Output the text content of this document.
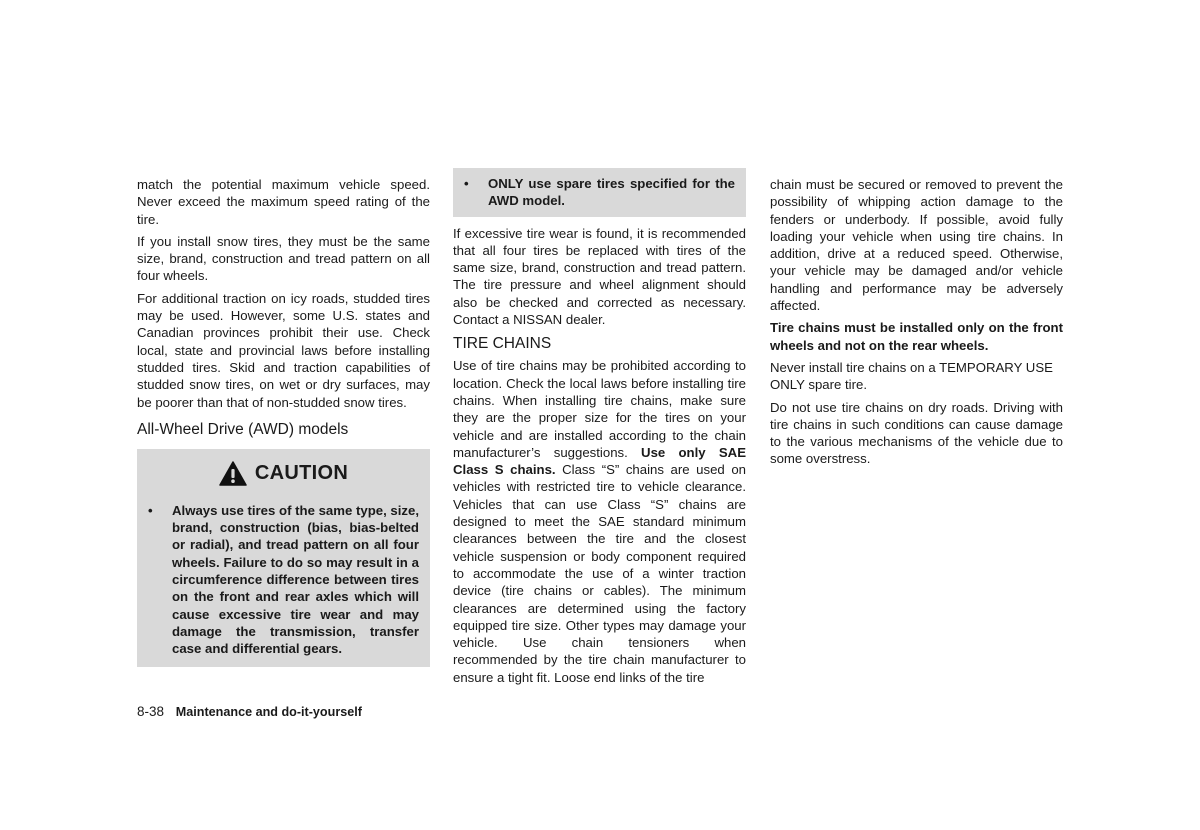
match the potential maximum vehicle speed. Never exceed the maximum speed rating of the tire.

If you install snow tires, they must be the same size, brand, construction and tread pattern on all four wheels.

For additional traction on icy roads, studded tires may be used. However, some U.S. states and Canadian provinces prohibit their use. Check local, state and provincial laws before installing studded tires. Skid and traction capabilities of studded snow tires, on wet or dry surfaces, may be poorer than that of non-studded snow tires.

All-Wheel Drive (AWD) models
CAUTION
•	Always use tires of the same type, size, brand, construction (bias, bias-belted or radial), and tread pattern on all four wheels. Failure to do so may result in a circumference difference between tires on the front and rear axles which will cause excessive tire wear and may damage the transmission, transfer case and differential gears.
•	ONLY use spare tires specified for the AWD model.

If excessive tire wear is found, it is recommended that all four tires be replaced with tires of the same size, brand, construction and tread pattern. The tire pressure and wheel alignment should also be checked and corrected as necessary. Contact a NISSAN dealer.

TIRE CHAINS

Use of tire chains may be prohibited according to location. Check the local laws before installing tire chains. When installing tire chains, make sure they are the proper size for the tires on your vehicle and are installed according to the chain manufacturer’s suggestions. Use only SAE Class S chains. Class “S” chains are used on vehicles with restricted tire to vehicle clearance. Vehicles that can use Class “S” chains are designed to meet the SAE standard minimum clearances between the tire and the closest vehicle suspension or body component required to accommodate the use of a winter traction device (tire chains or cables). The minimum clearances are determined using the factory equipped tire size. Other types may damage your vehicle. Use chain tensioners when recommended by the tire chain manufacturer to ensure a tight fit. Loose end links of the tire

chain must be secured or removed to prevent the possibility of whipping action damage to the fenders or underbody. If possible, avoid fully loading your vehicle when using tire chains. In addition, drive at a reduced speed. Otherwise, your vehicle may be damaged and/or vehicle handling and performance may be adversely affected.

Tire chains must be installed only on the front wheels and not on the rear wheels.

Never install tire chains on a TEMPORARY USE ONLY spare tire.

Do not use tire chains on dry roads. Driving with tire chains in such conditions can cause damage to the various mechanisms of the vehicle due to some overstress.

8-38 Maintenance and do-it-yourself
